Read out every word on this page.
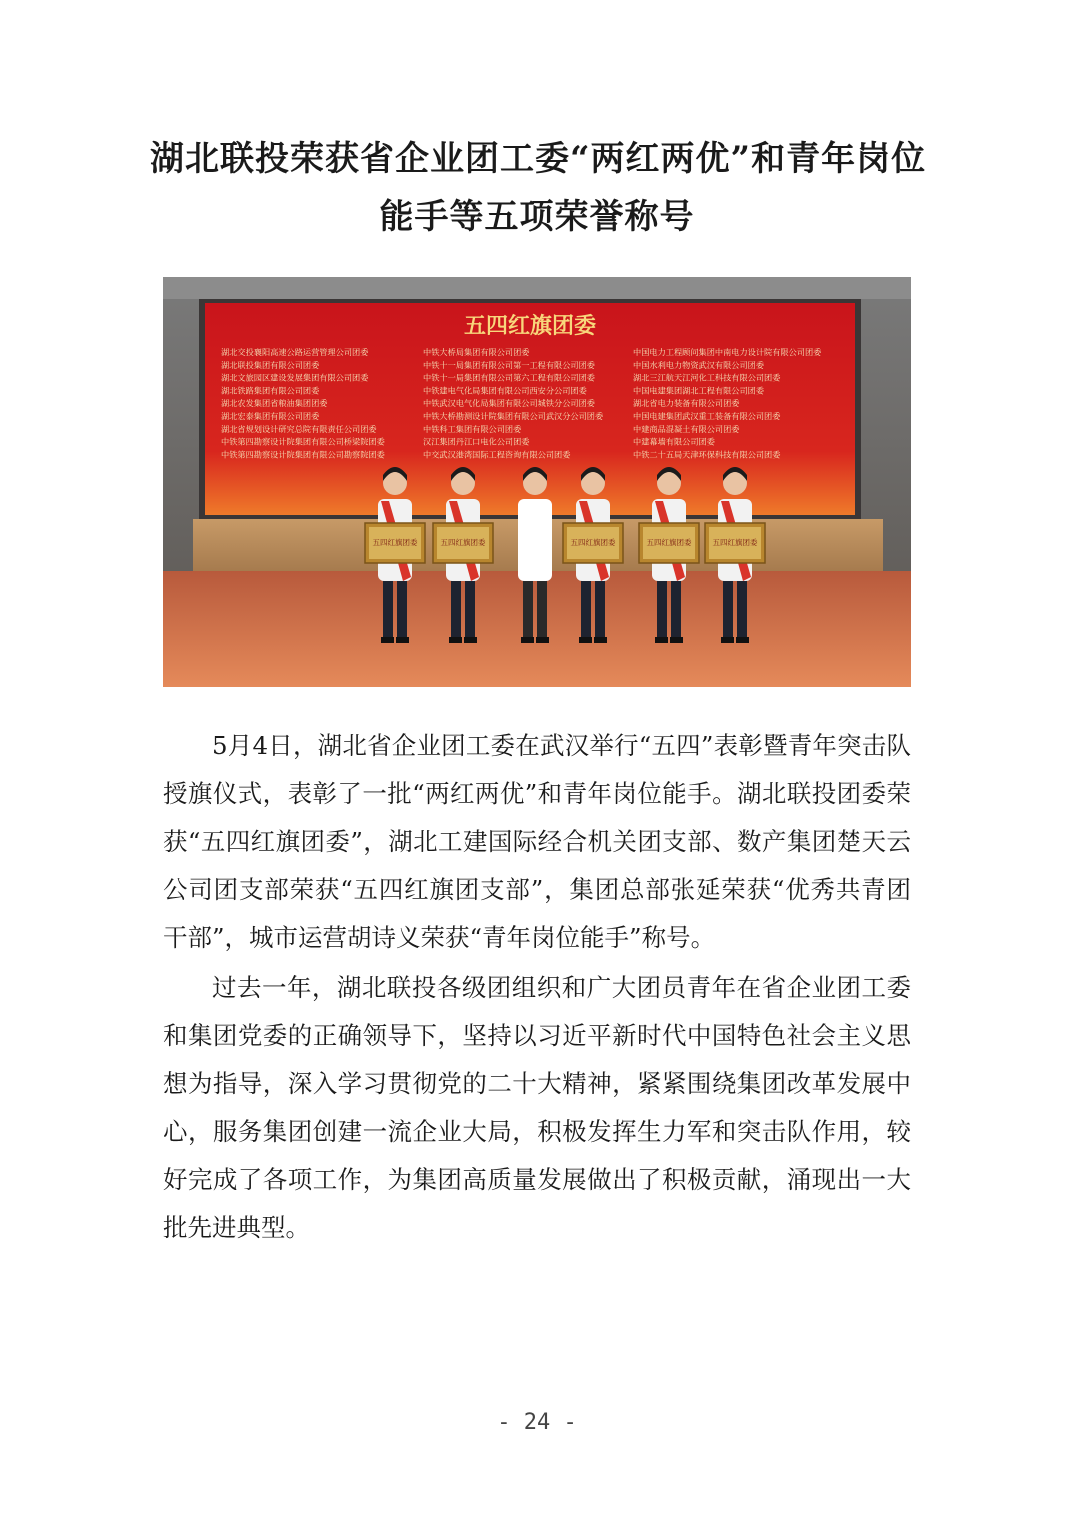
湖北联投荣获省企业团工委“两红两优”和青年岗位
能手等五项荣誉称号
五四红旗团委
湖北交投襄阳高速公路运营管理公司团委
湖北联投集团有限公司团委
湖北文旅园区建设发展集团有限公司团委
湖北铁路集团有限公司团委
湖北农发集团省粮油集团团委
湖北宏泰集团有限公司团委
湖北省规划设计研究总院有限责任公司团委
中铁第四勘察设计院集团有限公司桥梁院团委
中铁第四勘察设计院集团有限公司勘察院团委
中铁大桥局集团有限公司团委
中铁十一局集团有限公司第一工程有限公司团委
中铁十一局集团有限公司第六工程有限公司团委
中铁建电气化局集团有限公司西安分公司团委
中铁武汉电气化局集团有限公司城铁分公司团委
中铁大桥勘测设计院集团有限公司武汉分公司团委
中铁科工集团有限公司团委
汉江集团丹江口电化公司团委
中交武汉港湾国际工程咨询有限公司团委
中国电力工程顾问集团中南电力设计院有限公司团委
中国水利电力物资武汉有限公司团委
湖北三江航天江河化工科技有限公司团委
中国电建集团湖北工程有限公司团委
湖北省电力装备有限公司团委
中国电建集团武汉重工装备有限公司团委
中建商品混凝土有限公司团委
中建幕墙有限公司团委
中铁二十五局天津环保科技有限公司团委
五四红旗团委	五四红旗团委	五四红旗团委	五四红旗团委	五四红旗团委

5月4日，湖北省企业团工委在武汉举行“五四”表彰暨青年突击队授旗仪式，表彰了一批“两红两优”和青年岗位能手。湖北联投团委荣获“五四红旗团委”，湖北工建国际经合机关团支部、数产集团楚天云公司团支部荣获“五四红旗团支部”，集团总部张延荣获“优秀共青团干部”，城市运营胡诗义荣获“青年岗位能手”称号。

过去一年，湖北联投各级团组织和广大团员青年在省企业团工委和集团党委的正确领导下，坚持以习近平新时代中国特色社会主义思想为指导，深入学习贯彻党的二十大精神，紧紧围绕集团改革发展中心，服务集团创建一流企业大局，积极发挥生力军和突击队作用，较好完成了各项工作，为集团高质量发展做出了积极贡献，涌现出一大批先进典型。

- 24 -
